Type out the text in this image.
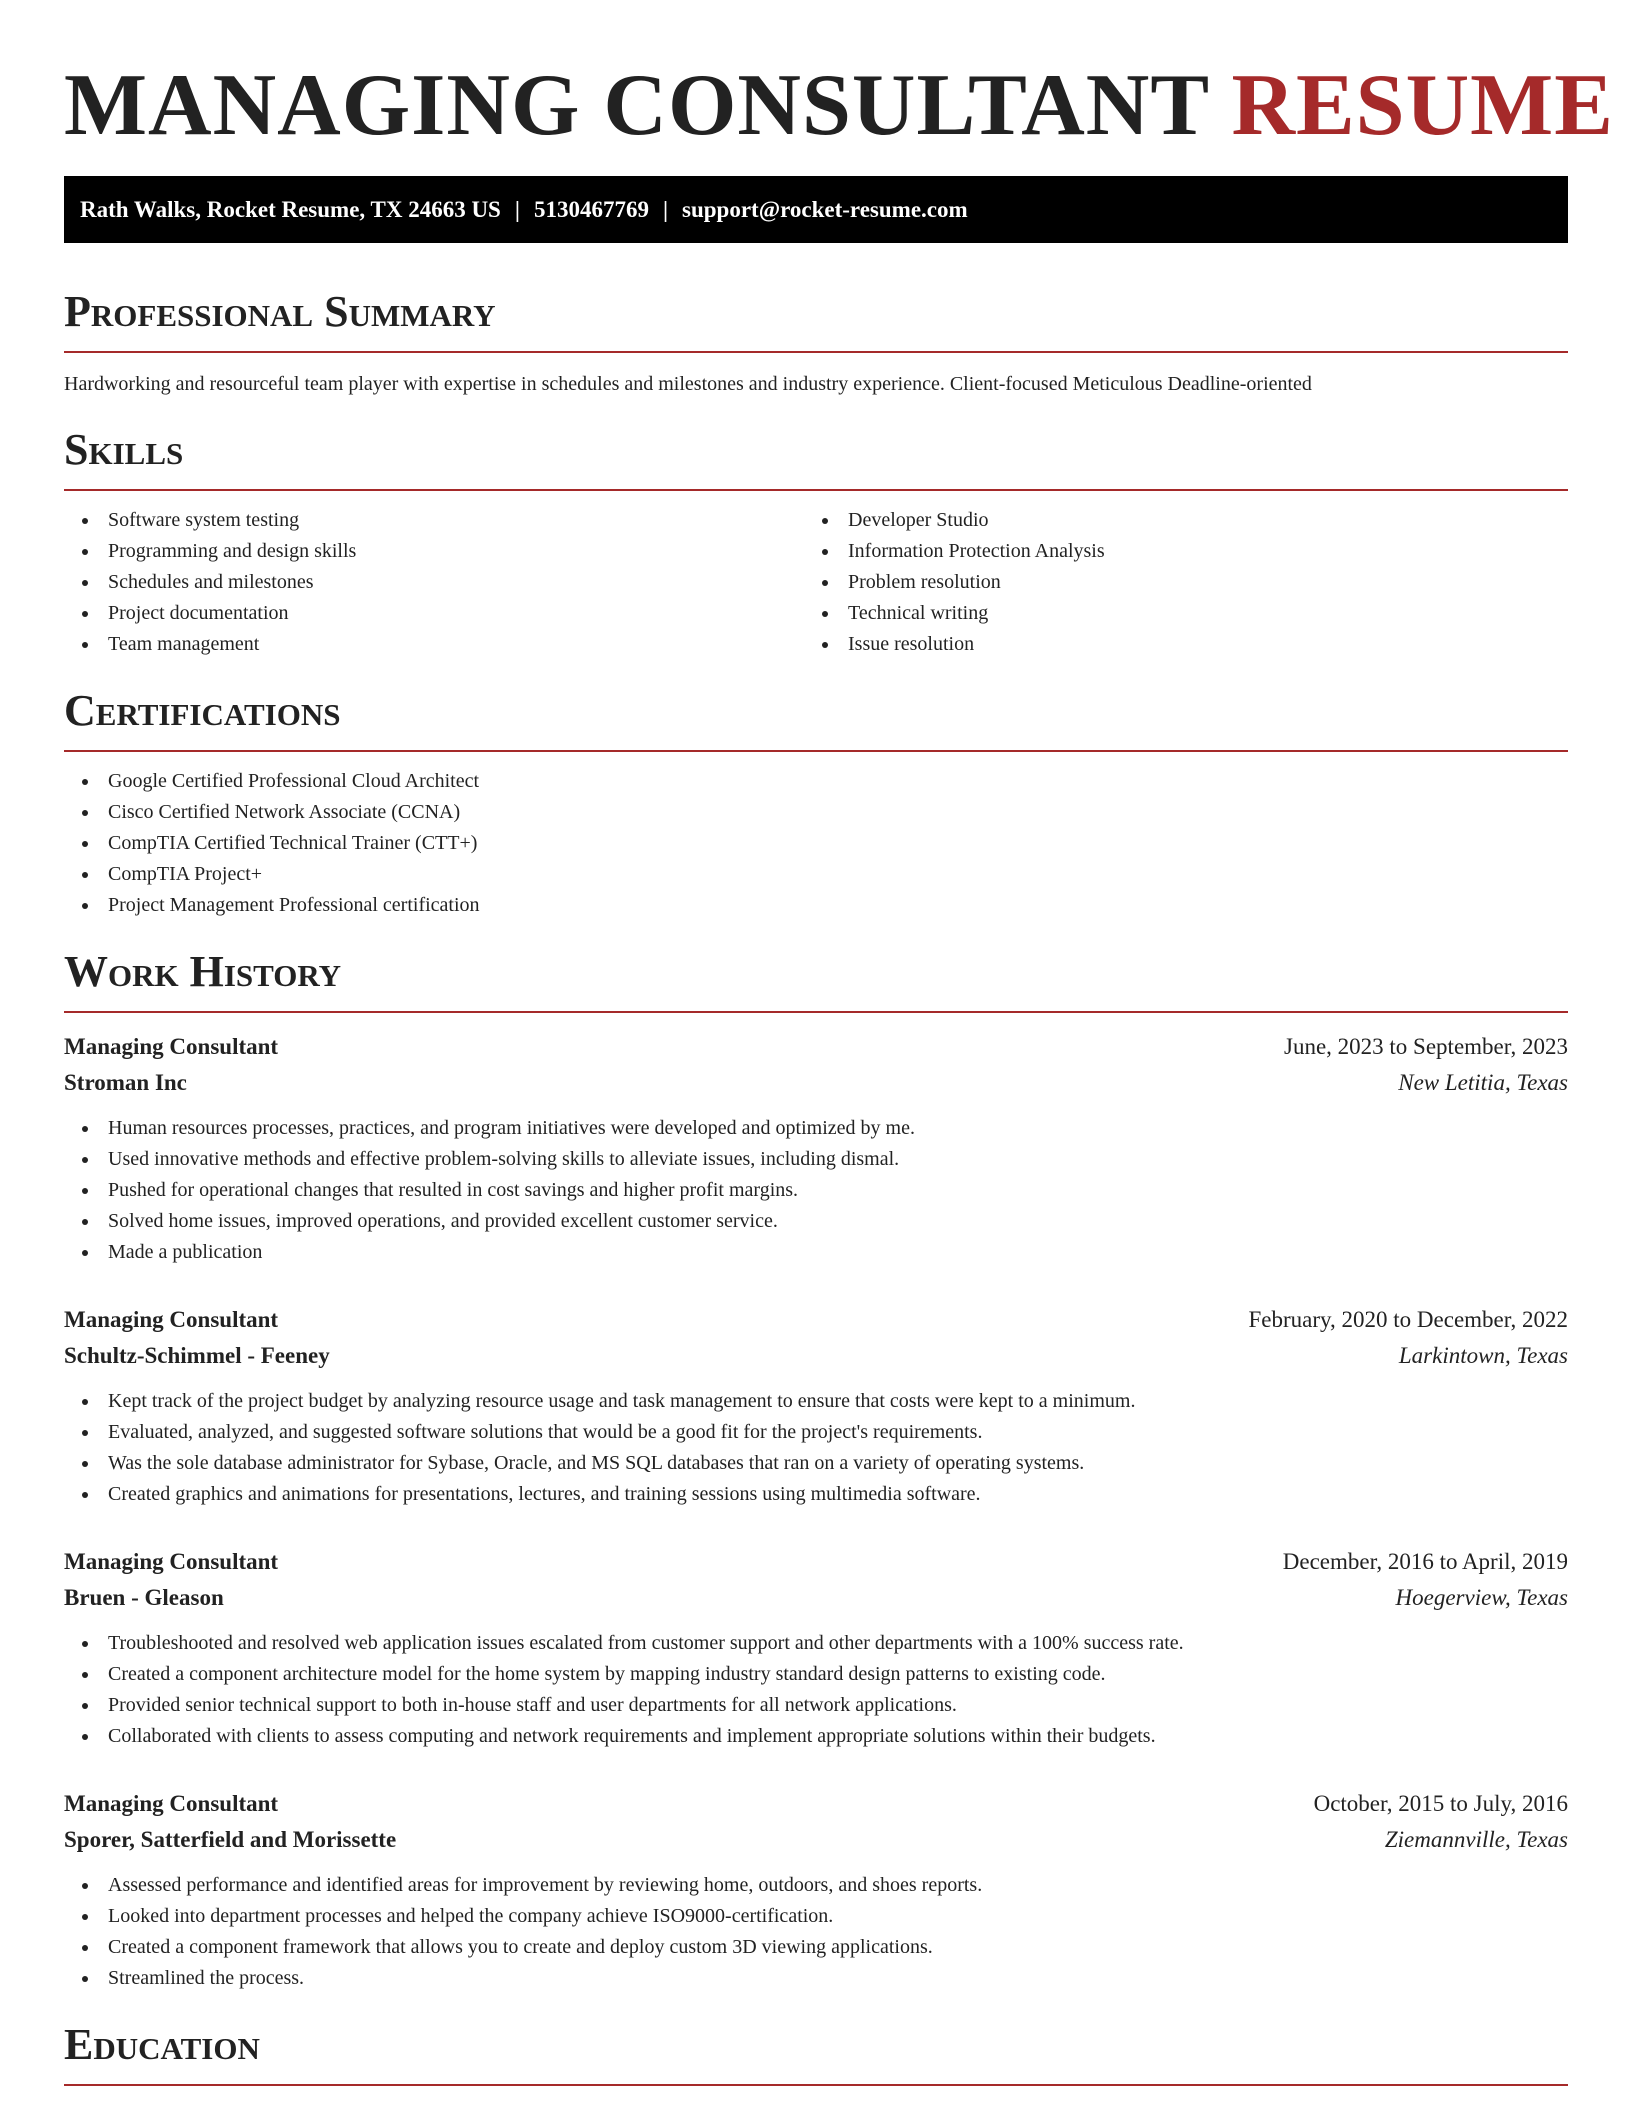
MANAGING CONSULTANT RESUME
Rath Walks, Rocket Resume, TX 24663 US | 5130467769 | support@rocket-resume.com
Professional Summary

Hardworking and resourceful team player with expertise in schedules and milestones and industry experience. Client-focused Meticulous Deadline-oriented

Skills
Software system testing
Programming and design skills
Schedules and milestones
Project documentation
Team management
Developer Studio
Information Protection Analysis
Problem resolution
Technical writing
Issue resolution
Certifications
Google Certified Professional Cloud Architect
Cisco Certified Network Associate (CCNA)
CompTIA Certified Technical Trainer (CTT+)
CompTIA Project+
Project Management Professional certification
Work History
Managing Consultant	June, 2023 to September, 2023
Stroman Inc	New Letitia, Texas
Human resources processes, practices, and program initiatives were developed and optimized by me.
Used innovative methods and effective problem-solving skills to alleviate issues, including dismal.
Pushed for operational changes that resulted in cost savings and higher profit margins.
Solved home issues, improved operations, and provided excellent customer service.
Made a publication
Managing Consultant	February, 2020 to December, 2022
Schultz-Schimmel - Feeney	Larkintown, Texas
Kept track of the project budget by analyzing resource usage and task management to ensure that costs were kept to a minimum.
Evaluated, analyzed, and suggested software solutions that would be a good fit for the project's requirements.
Was the sole database administrator for Sybase, Oracle, and MS SQL databases that ran on a variety of operating systems.
Created graphics and animations for presentations, lectures, and training sessions using multimedia software.
Managing Consultant	December, 2016 to April, 2019
Bruen - Gleason	Hoegerview, Texas
Troubleshooted and resolved web application issues escalated from customer support and other departments with a 100% success rate.
Created a component architecture model for the home system by mapping industry standard design patterns to existing code.
Provided senior technical support to both in-house staff and user departments for all network applications.
Collaborated with clients to assess computing and network requirements and implement appropriate solutions within their budgets.
Managing Consultant	October, 2015 to July, 2016
Sporer, Satterfield and Morissette	Ziemannville, Texas
Assessed performance and identified areas for improvement by reviewing home, outdoors, and shoes reports.
Looked into department processes and helped the company achieve ISO9000-certification.
Created a component framework that allows you to create and deploy custom 3D viewing applications.
Streamlined the process.
Education
